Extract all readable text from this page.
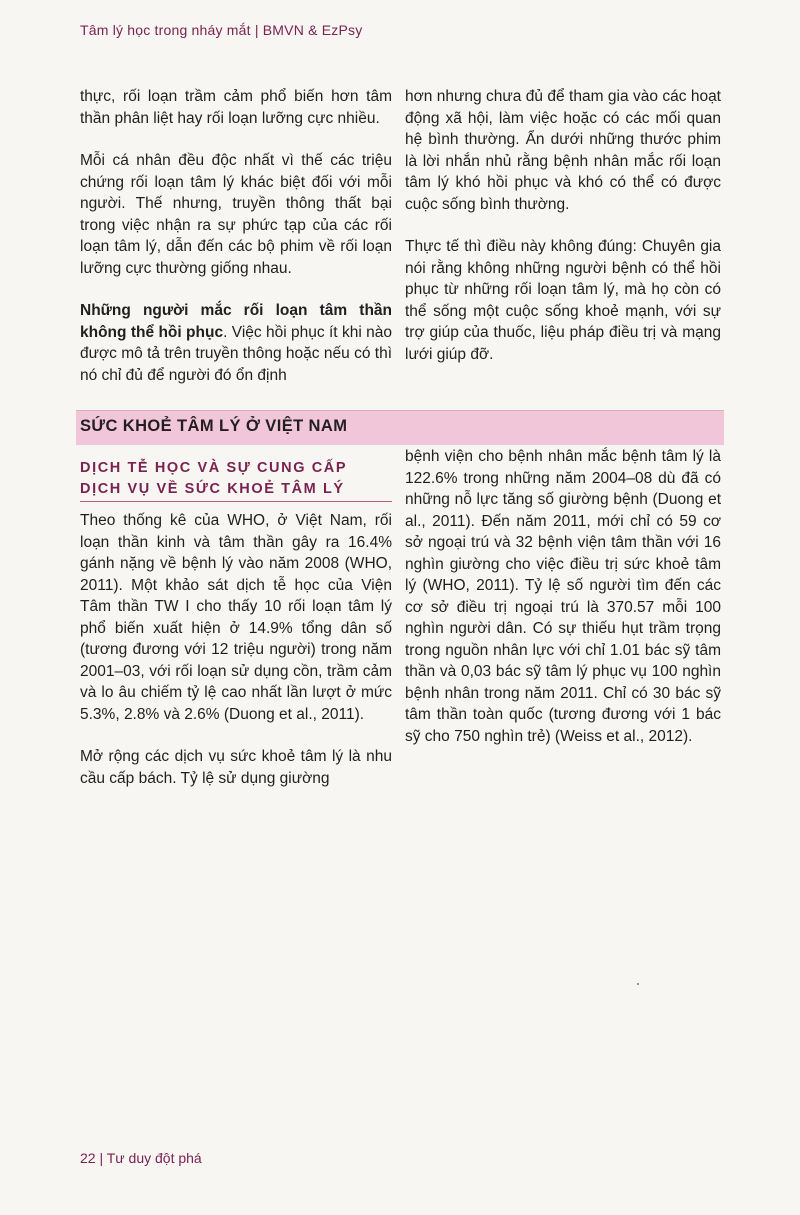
Tâm lý học trong nháy mắt | BMVN & EzPsy

thực, rối loạn trầm cảm phổ biến hơn tâm thần phân liệt hay rối loạn lưỡng cực nhiều.

Mỗi cá nhân đều độc nhất vì thế các triệu chứng rối loạn tâm lý khác biệt đối với mỗi người. Thế nhưng, truyền thông thất bại trong việc nhận ra sự phức tạp của các rối loạn tâm lý, dẫn đến các bộ phim về rối loạn lưỡng cực thường giống nhau.

Những người mắc rối loạn tâm thần không thể hồi phục. Việc hồi phục ít khi nào được mô tả trên truyền thông hoặc nếu có thì nó chỉ đủ để người đó ổn định

hơn nhưng chưa đủ để tham gia vào các hoạt động xã hội, làm việc hoặc có các mối quan hệ bình thường. Ẩn dưới những thước phim là lời nhắn nhủ rằng bệnh nhân mắc rối loạn tâm lý khó hồi phục và khó có thể có được cuộc sống bình thường.

Thực tế thì điều này không đúng: Chuyên gia nói rằng không những người bệnh có thể hồi phục từ những rối loạn tâm lý, mà họ còn có thể sống một cuộc sống khoẻ mạnh, với sự trợ giúp của thuốc, liệu pháp điều trị và mạng lưới giúp đỡ.

SỨC KHOẺ TÂM LÝ Ở VIỆT NAM
DỊCH TỄ HỌC VÀ SỰ CUNG CẤP DỊCH VỤ VỀ SỨC KHOẺ TÂM LÝ

Theo thống kê của WHO, ở Việt Nam, rối loạn thần kinh và tâm thần gây ra 16.4% gánh nặng về bệnh lý vào năm 2008 (WHO, 2011). Một khảo sát dịch tễ học của Viện Tâm thần TW I cho thấy 10 rối loạn tâm lý phổ biến xuất hiện ở 14.9% tổng dân số (tương đương với 12 triệu người) trong năm 2001–03, với rối loạn sử dụng cồn, trầm cảm và lo âu chiếm tỷ lệ cao nhất lần lượt ở mức 5.3%, 2.8% và 2.6% (Duong et al., 2011).

Mở rộng các dịch vụ sức khoẻ tâm lý là nhu cầu cấp bách. Tỷ lệ sử dụng giường

bệnh viện cho bệnh nhân mắc bệnh tâm lý là 122.6% trong những năm 2004–08 dù đã có những nỗ lực tăng số giường bệnh (Duong et al., 2011). Đến năm 2011, mới chỉ có 59 cơ sở ngoại trú và 32 bệnh viện tâm thần với 16 nghìn giường cho việc điều trị sức khoẻ tâm lý (WHO, 2011). Tỷ lệ số người tìm đến các cơ sở điều trị ngoại trú là 370.57 mỗi 100 nghìn người dân. Có sự thiếu hụt trầm trọng trong nguồn nhân lực với chỉ 1.01 bác sỹ tâm thần và 0,03 bác sỹ tâm lý phục vụ 100 nghìn bệnh nhân trong năm 2011. Chỉ có 30 bác sỹ tâm thần toàn quốc (tương đương với 1 bác sỹ cho 750 nghìn trẻ) (Weiss et al., 2012).

22 | Tư duy đột phá
